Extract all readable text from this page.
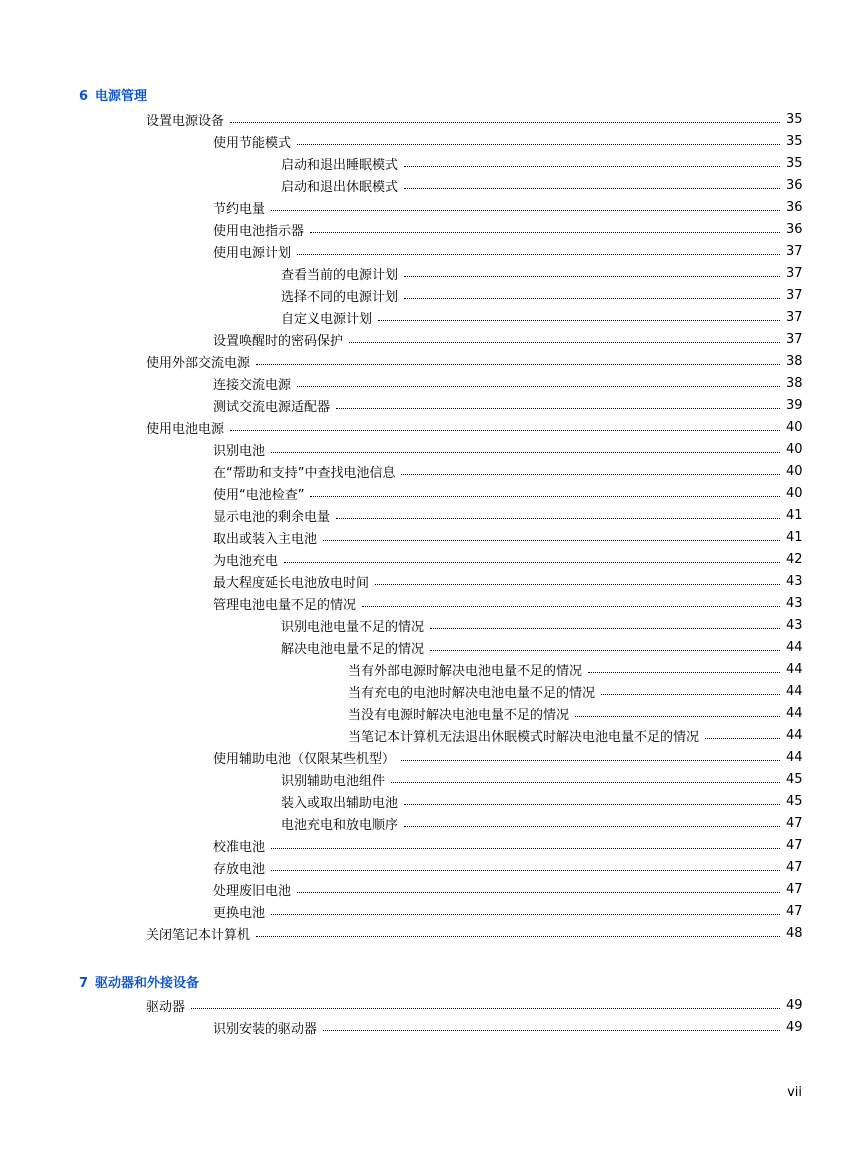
6 电源管理
设置电源设备	35
使用节能模式	35
启动和退出睡眠模式	35
启动和退出休眠模式	36
节约电量	36
使用电池指示器	36
使用电源计划	37
查看当前的电源计划	37
选择不同的电源计划	37
自定义电源计划	37
设置唤醒时的密码保护	37
使用外部交流电源	38
连接交流电源	38
测试交流电源适配器	39
使用电池电源	40
识别电池	40
在“帮助和支持”中查找电池信息	40
使用“电池检查”	40
显示电池的剩余电量	41
取出或装入主电池	41
为电池充电	42
最大程度延长电池放电时间	43
管理电池电量不足的情况	43
识别电池电量不足的情况	43
解决电池电量不足的情况	44
当有外部电源时解决电池电量不足的情况	44
当有充电的电池时解决电池电量不足的情况	44
当没有电源时解决电池电量不足的情况	44
当笔记本计算机无法退出休眠模式时解决电池电量不足的情况	44
使用辅助电池（仅限某些机型）	44
识别辅助电池组件	45
装入或取出辅助电池	45
电池充电和放电顺序	47
校准电池	47
存放电池	47
处理废旧电池	47
更换电池	47
关闭笔记本计算机	48
7 驱动器和外接设备
驱动器	49
识别安装的驱动器	49
vii
